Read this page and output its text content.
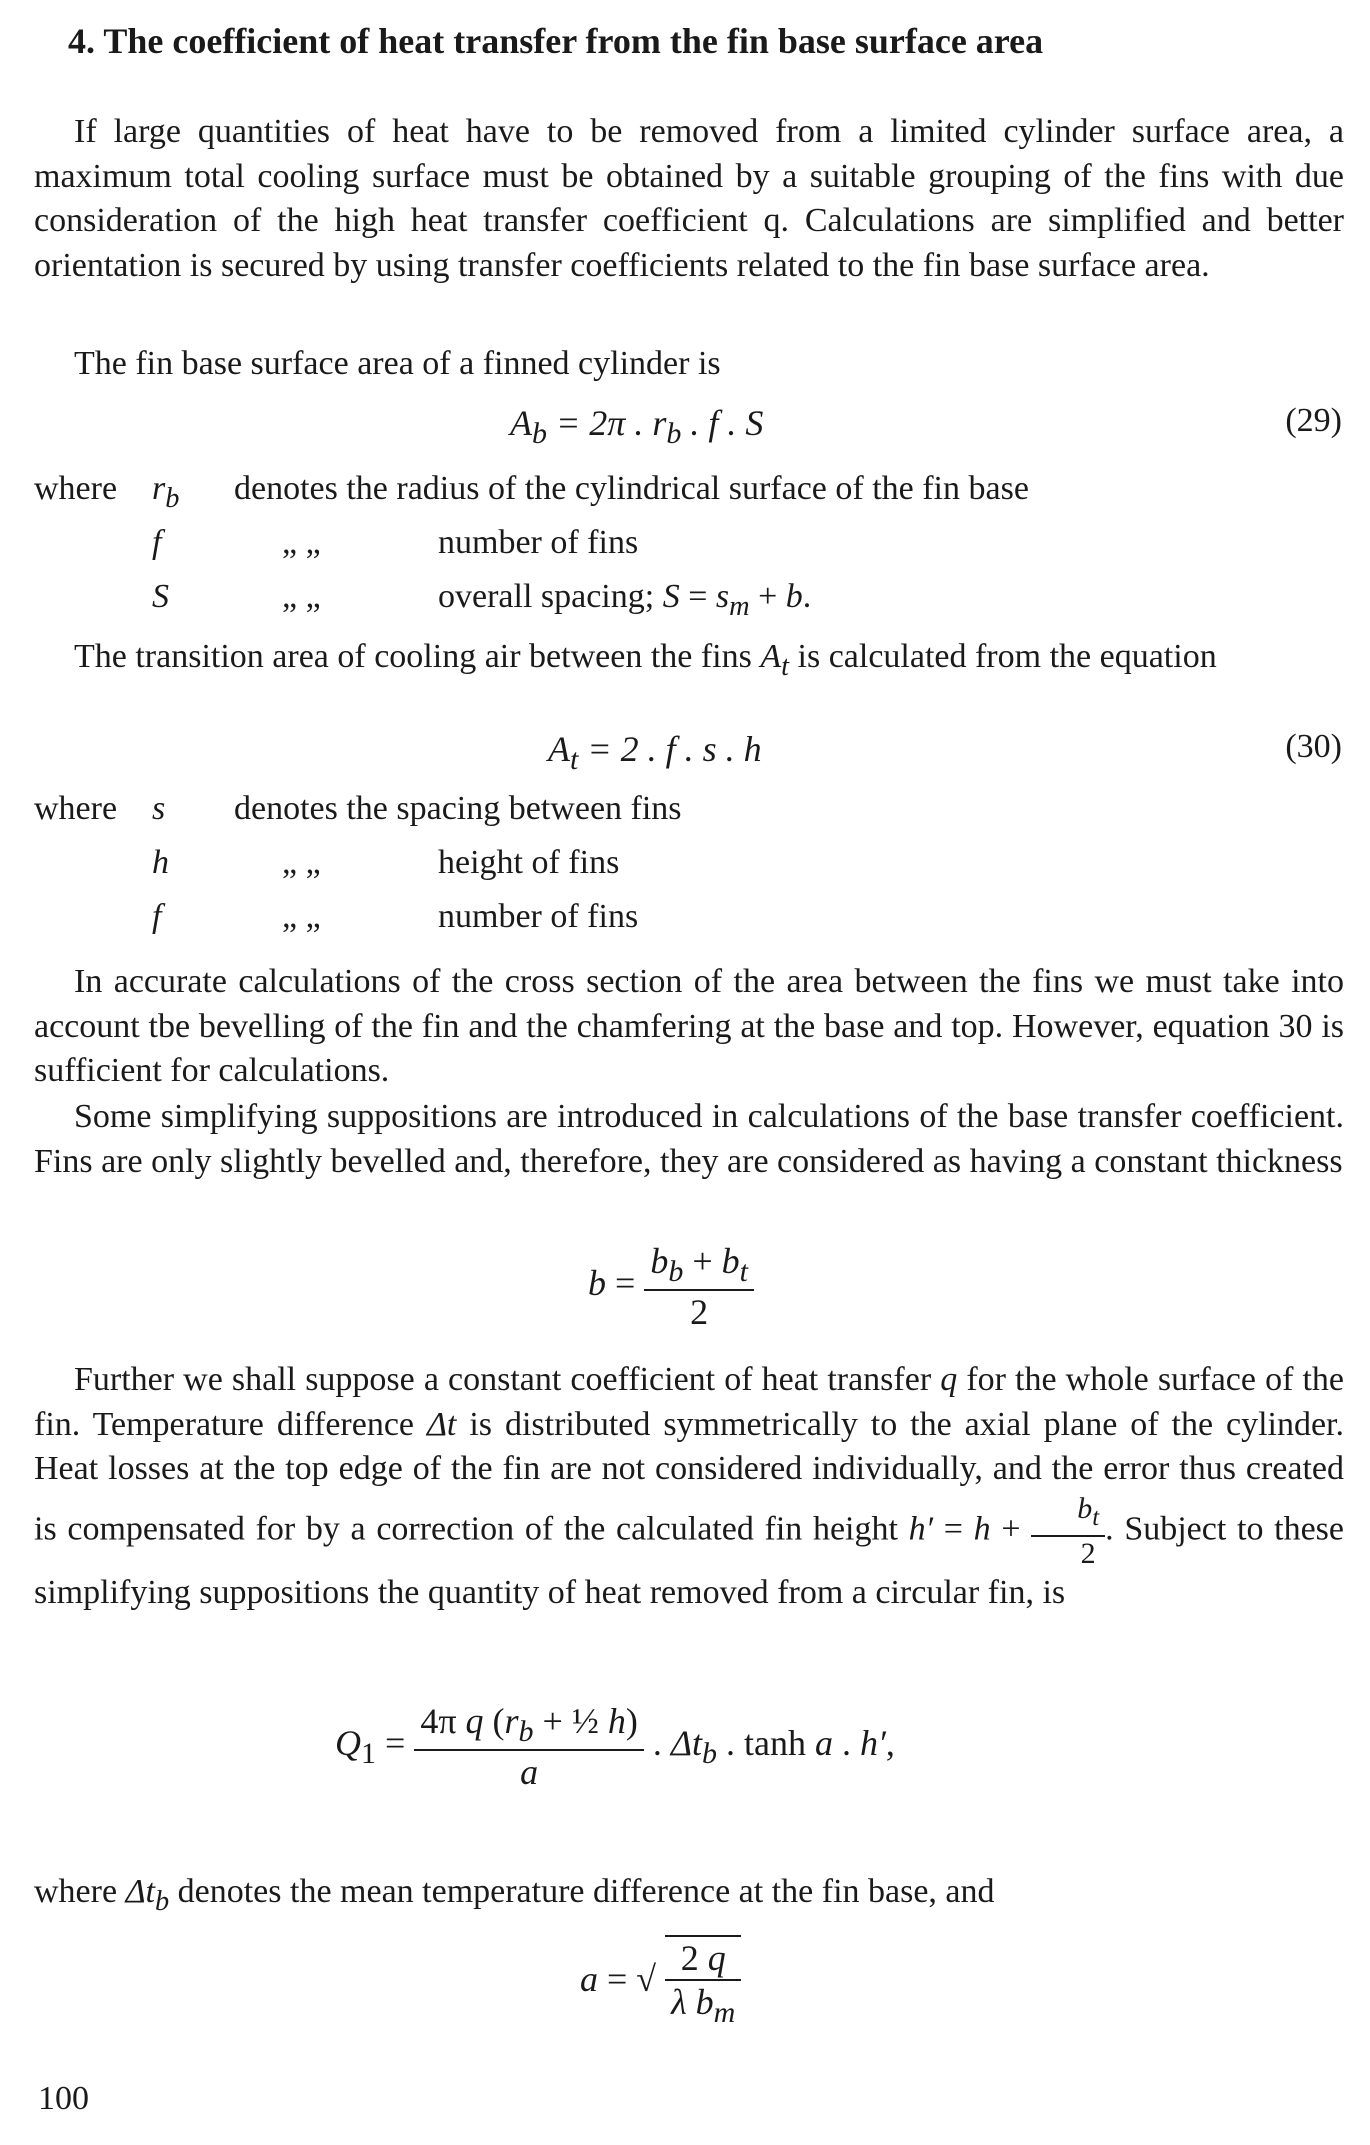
4. The coefficient of heat transfer from the fin base surface area
If large quantities of heat have to be removed from a limited cylinder surface area, a maximum total cooling surface must be obtained by a suitable grouping of the fins with due consideration of the high heat transfer coefficient q. Calculations are simplified and better orientation is secured by using transfer coefficients related to the fin base surface area.
The fin base surface area of a finned cylinder is
$A_b = 2\pi$ . $r_b$ . f . S	(29)
where $r_b$ denotes the radius of the cylindrical surface of the fin base
f	„ „	number of fins
S	„ „	overall spacing; $S = s_m + b$.
The transition area of cooling air between the fins $A_t$ is calculated from the equation
$A_t = 2$ . f . s . h	(30)
where s denotes the spacing between fins
h	„ „	height of fins
f	„ „	number of fins
In accurate calculations of the cross section of the area between the fins we must take into account tbe bevelling of the fin and the chamfering at the base and top. However, equation 30 is sufficient for calculations.
Some simplifying suppositions are introduced in calculations of the base transfer coefficient. Fins are only slightly bevelled and, therefore, they are considered as having a constant thickness
$b = \frac{b_b + b_t}{2}$
Further we shall suppose a constant coefficient of heat transfer q for the whole surface of the fin. Temperature difference Δt is distributed symmetrically to the axial plane of the cylinder. Heat losses at the top edge of the fin are not considered individually, and the error thus created is compensated for by a correction of the calculated fin height $h' = h + \frac{b_t}{2}$ . Subject to these simplifying suppositions the quantity of heat removed from a circular fin, is
$Q_1 = \frac{4\pi q (r_b + \frac{1}{2} h)}{a}$ . $\Delta t_b$ . tanh a . h′,
where $\Delta t_b$ denotes the mean temperature difference at the fin base, and
a = √ $\frac{2 q}{\lambda b_m}$
100
